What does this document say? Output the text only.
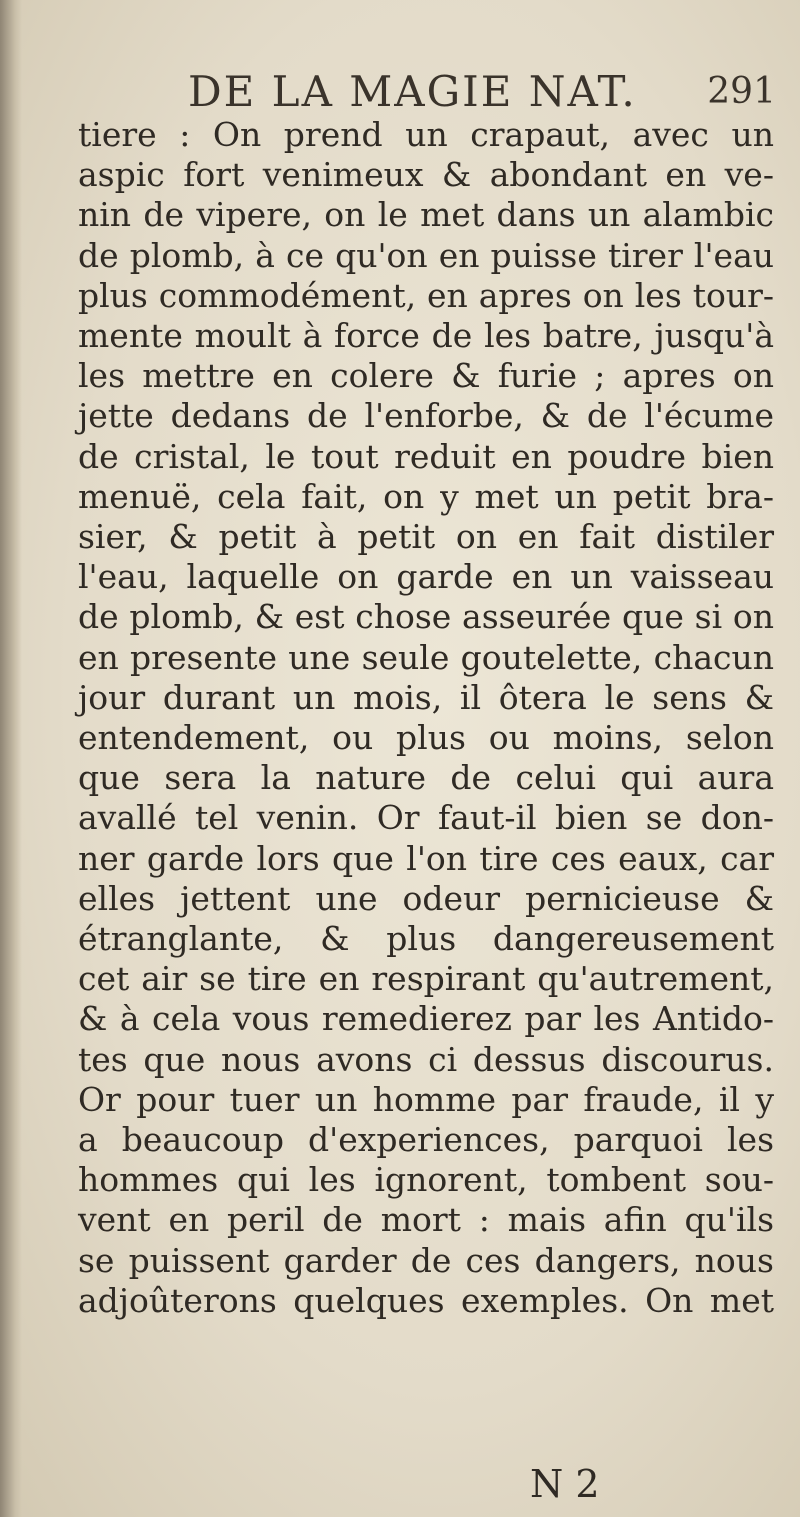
DE LA MAGIE NAT. 291
tiere : On prend un crapaut, avec un
aspic fort venimeux & abondant en ve-
nin de vipere, on le met dans un alambic
de plomb, à ce qu'on en puisse tirer l'eau
plus commodément, en apres on les tour-
mente moult à force de les batre, jusqu'à
les mettre en colere & furie ; apres on
jette dedans de l'enforbe, & de l'écume
de cristal, le tout reduit en poudre bien
menuë, cela fait, on y met un petit bra-
sier, & petit à petit on en fait distiler
l'eau, laquelle on garde en un vaisseau
de plomb, & est chose asseurée que si on
en presente une seule goutelette, chacun
jour durant un mois, il ôtera le sens &
entendement, ou plus ou moins, selon
que sera la nature de celui qui aura
avallé tel venin. Or faut-il bien se don-
ner garde lors que l'on tire ces eaux, car
elles jettent une odeur pernicieuse &
étranglante, & plus dangereusement
cet air se tire en respirant qu'autrement,
& à cela vous remedierez par les Antido-
tes que nous avons ci dessus discourus.
Or pour tuer un homme par fraude, il y
a beaucoup d'experiences, parquoi les
hommes qui les ignorent, tombent sou-
vent en peril de mort : mais afin qu'ils
se puissent garder de ces dangers, nous
adjoûterons quelques exemples. On met
N 2
